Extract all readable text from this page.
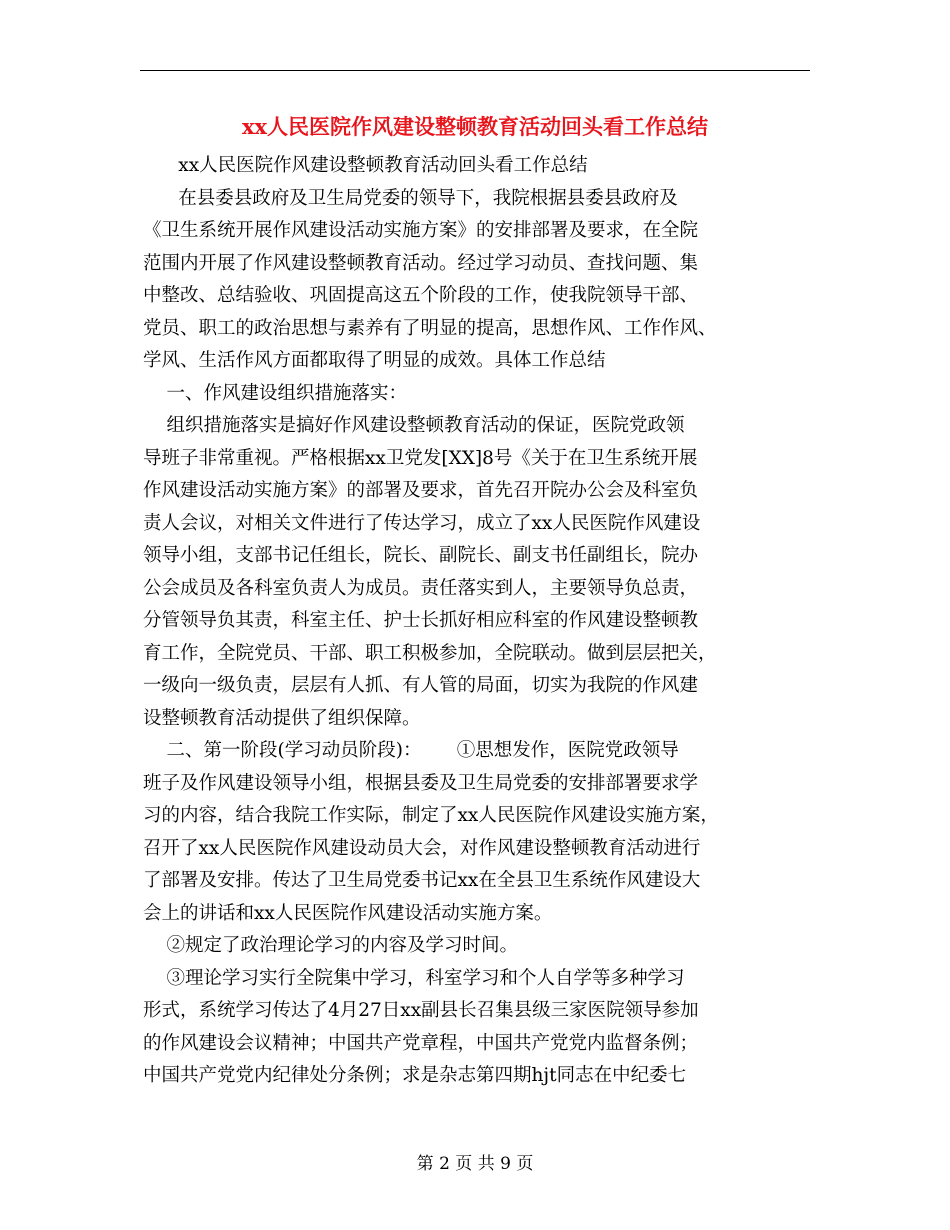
xx人民医院作风建设整顿教育活动回头看工作总结
xx人民医院作风建设整顿教育活动回头看工作总结
在县委县政府及卫生局党委的领导下，我院根据县委县政府及
《卫生系统开展作风建设活动实施方案》的安排部署及要求，在全院
范围内开展了作风建设整顿教育活动。经过学习动员、查找问题、集
中整改、总结验收、巩固提高这五个阶段的工作，使我院领导干部、
党员、职工的政治思想与素养有了明显的提高，思想作风、工作作风、
学风、生活作风方面都取得了明显的成效。具体工作总结
一、作风建设组织措施落实：
组织措施落实是搞好作风建设整顿教育活动的保证，医院党政领
导班子非常重视。严格根据xx卫党发[XX]8号《关于在卫生系统开展
作风建设活动实施方案》的部署及要求，首先召开院办公会及科室负
责人会议，对相关文件进行了传达学习，成立了xx人民医院作风建设
领导小组，支部书记任组长，院长、副院长、副支书任副组长，院办
公会成员及各科室负责人为成员。责任落实到人，主要领导负总责，
分管领导负其责，科室主任、护士长抓好相应科室的作风建设整顿教
育工作，全院党员、干部、职工积极参加，全院联动。做到层层把关，
一级向一级负责，层层有人抓、有人管的局面，切实为我院的作风建
设整顿教育活动提供了组织保障。
二、第一阶段(学习动员阶段)：      ①思想发作，医院党政领导
班子及作风建设领导小组，根据县委及卫生局党委的安排部署要求学
习的内容，结合我院工作实际，制定了xx人民医院作风建设实施方案，
召开了xx人民医院作风建设动员大会，对作风建设整顿教育活动进行
了部署及安排。传达了卫生局党委书记xx在全县卫生系统作风建设大
会上的讲话和xx人民医院作风建设活动实施方案。
②规定了政治理论学习的内容及学习时间。
③理论学习实行全院集中学习，科室学习和个人自学等多种学习
形式，系统学习传达了4月27日xx副县长召集县级三家医院领导参加
的作风建设会议精神；中国共产党章程，中国共产党党内监督条例；
中国共产党党内纪律处分条例；求是杂志第四期hjt同志在中纪委七
第 2 页 共 9 页
